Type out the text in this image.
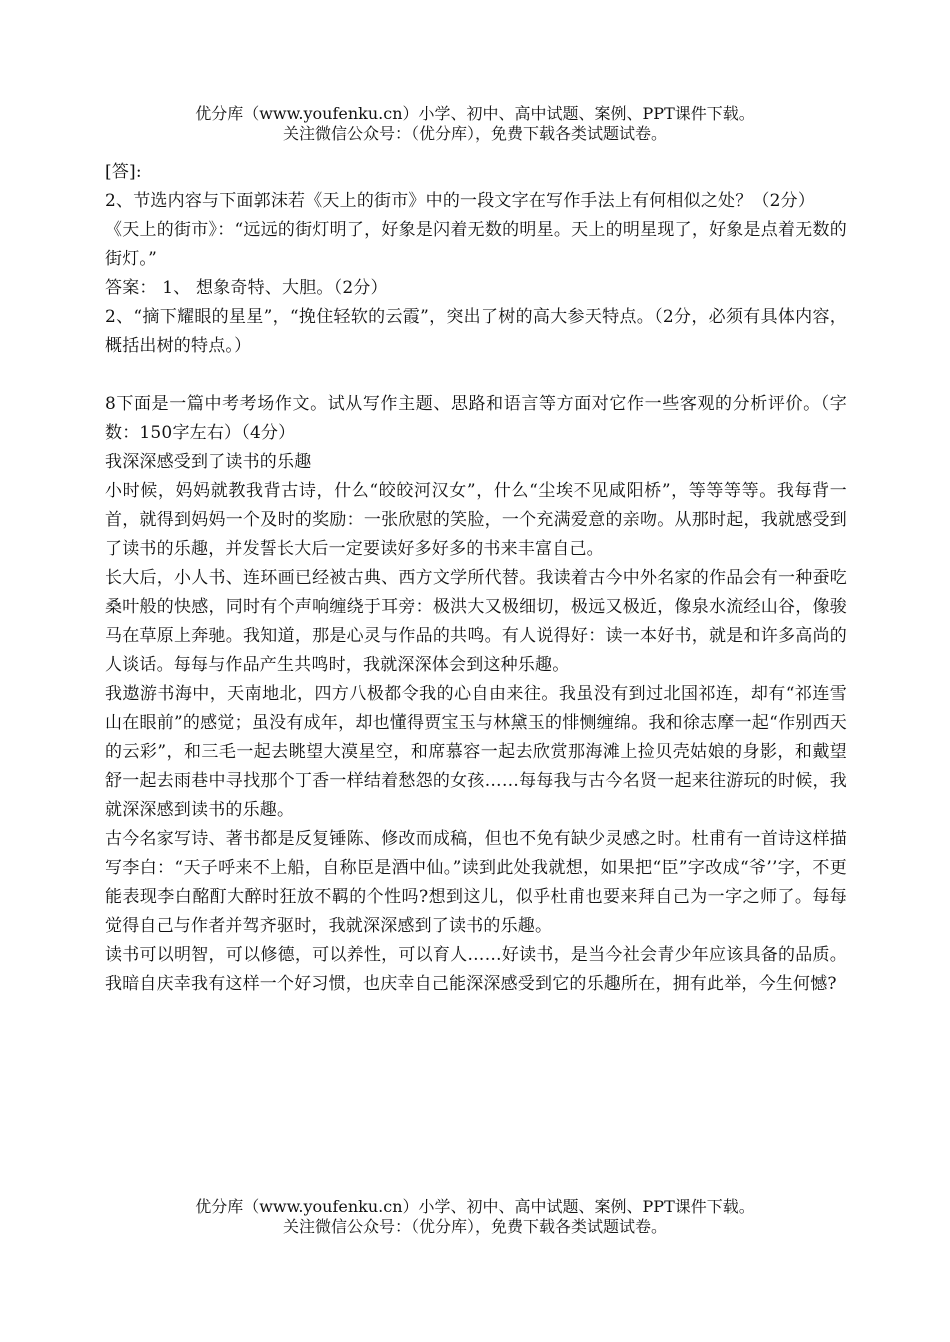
优分库（www.youfenku.cn）小学、初中、高中试题、案例、PPT课件下载。
关注微信公众号：（优分库），免费下载各类试题试卷。

[答]:

2、节选内容与下面郭沫若《天上的街市》中的一段文字在写作手法上有何相似之处？（2分）

《天上的街市》：“远远的街灯明了，好象是闪着无数的明星。天上的明星现了，好象是点着无数的街灯。”

答案： 1、 想象奇特、大胆。（2分）

2、“摘下耀眼的星星”，“挽住轻软的云霞”，突出了树的高大参天特点。（2分，必须有具体内容，概括出树的特点。）

8下面是一篇中考考场作文。试从写作主题、思路和语言等方面对它作一些客观的分析评价。（字数：150字左右）（4分）

我深深感受到了读书的乐趣

小时候，妈妈就教我背古诗，什么“皎皎河汉女”，什么“尘埃不见咸阳桥”，等等等等。我每背一首，就得到妈妈一个及时的奖励：一张欣慰的笑脸，一个充满爱意的亲吻。从那时起，我就感受到了读书的乐趣，并发誓长大后一定要读好多好多的书来丰富自己。

长大后，小人书、连环画已经被古典、西方文学所代替。我读着古今中外名家的作品会有一种蚕吃桑叶般的快感，同时有个声响缠绕于耳旁：极洪大又极细切，极远又极近，像泉水流经山谷，像骏马在草原上奔驰。我知道，那是心灵与作品的共鸣。有人说得好：读一本好书，就是和许多高尚的人谈话。每每与作品产生共鸣时，我就深深体会到这种乐趣。

我遨游书海中，天南地北，四方八极都令我的心自由来往。我虽没有到过北国祁连，却有“祁连雪山在眼前”的感觉；虽没有成年，却也懂得贾宝玉与林黛玉的悱恻缠绵。我和徐志摩一起“作别西天的云彩”，和三毛一起去眺望大漠星空，和席慕容一起去欣赏那海滩上捡贝壳姑娘的身影，和戴望舒一起去雨巷中寻找那个丁香一样结着愁怨的女孩……每每我与古今名贤一起来往游玩的时候，我就深深感到读书的乐趣。

古今名家写诗、著书都是反复锤陈、修改而成稿，但也不免有缺少灵感之时。杜甫有一首诗这样描写李白：“天子呼来不上船，自称臣是酒中仙。”读到此处我就想，如果把“臣”字改成“爷’’字，不更能表现李白酩酊大醉时狂放不羁的个性吗?想到这儿，似乎杜甫也要来拜自己为一字之师了。每每觉得自己与作者并驾齐驱时，我就深深感到了读书的乐趣。

读书可以明智，可以修德，可以养性，可以育人……好读书，是当今社会青少年应该具备的品质。我暗自庆幸我有这样一个好习惯，也庆幸自己能深深感受到它的乐趣所在，拥有此举，今生何憾?

优分库（www.youfenku.cn）小学、初中、高中试题、案例、PPT课件下载。
关注微信公众号：（优分库），免费下载各类试题试卷。
